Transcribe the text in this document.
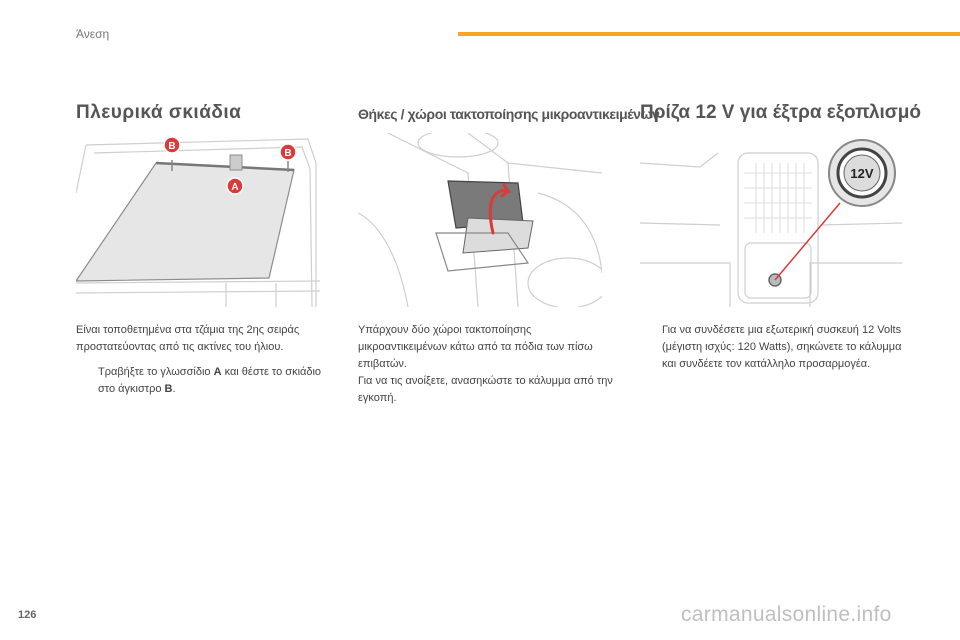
Άνεση
Πλευρικά σκιάδια
B
B
A

Είναι τοποθετημένα στα τζάμια της 2ης σειράς προστατεύοντας από τις ακτίνες του ήλιου.

Τραβήξτε το γλωσσίδιο A και θέστε το σκιάδιο στο άγκιστρο B.
Θήκες / χώροι τακτοποίησης μικροαντικειμένων
Υπάρχουν δύο χώροι τακτοποίησης μικροαντικειμένων κάτω από τα πόδια των πίσω επιβατών.
Για να τις ανοίξετε, ανασηκώστε το κάλυμμα από την εγκοπή.
Πρίζα 12 V για έξτρα εξοπλισμό
12V
Για να συνδέσετε μια εξωτερική συσκευή 12 Volts (μέγιστη ισχύς: 120 Watts), σηκώνετε το κάλυμμα και συνδέετε τον κατάλληλο προσαρμογέα.
126	carmanualsonline.info
